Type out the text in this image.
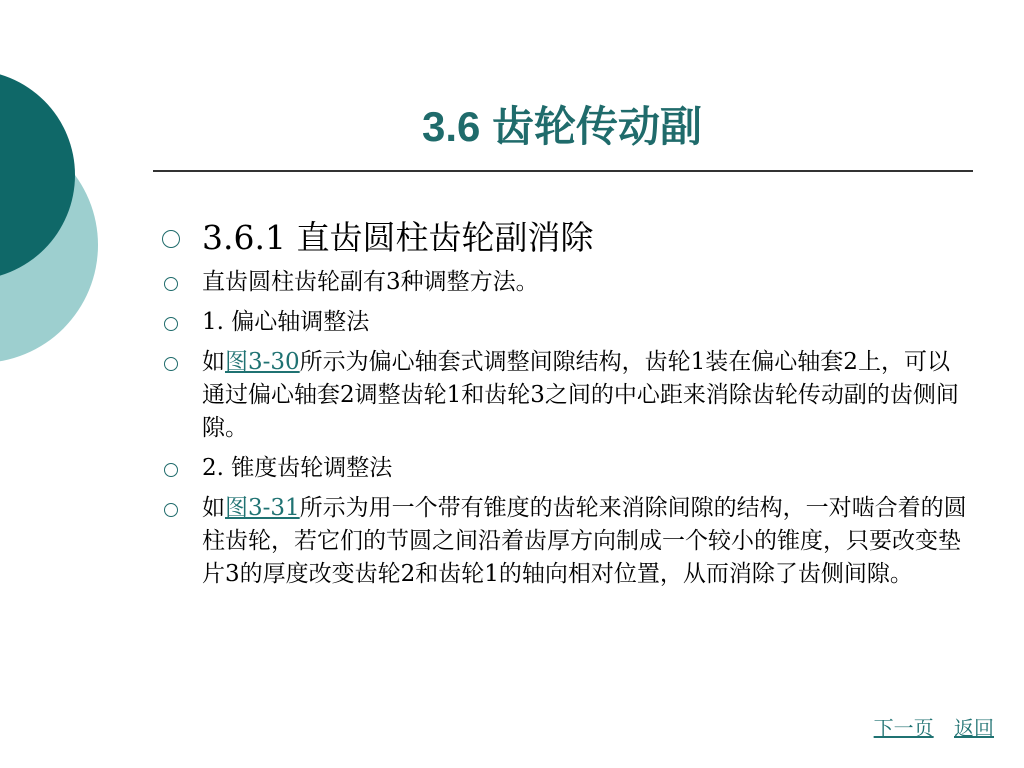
3.6 齿轮传动副
3.6.1 直齿圆柱齿轮副消除
直齿圆柱齿轮副有3种调整方法。
1. 偏心轴调整法
如图3-30所示为偏心轴套式调整间隙结构，齿轮1装在偏心轴套2上，可以通过偏心轴套2调整齿轮1和齿轮3之间的中心距来消除齿轮传动副的齿侧间隙。
2. 锥度齿轮调整法
如图3-31所示为用一个带有锥度的齿轮来消除间隙的结构，一对啮合着的圆柱齿轮，若它们的节圆之间沿着齿厚方向制成一个较小的锥度，只要改变垫片3的厚度改变齿轮2和齿轮1的轴向相对位置，从而消除了齿侧间隙。
下一页 返回
